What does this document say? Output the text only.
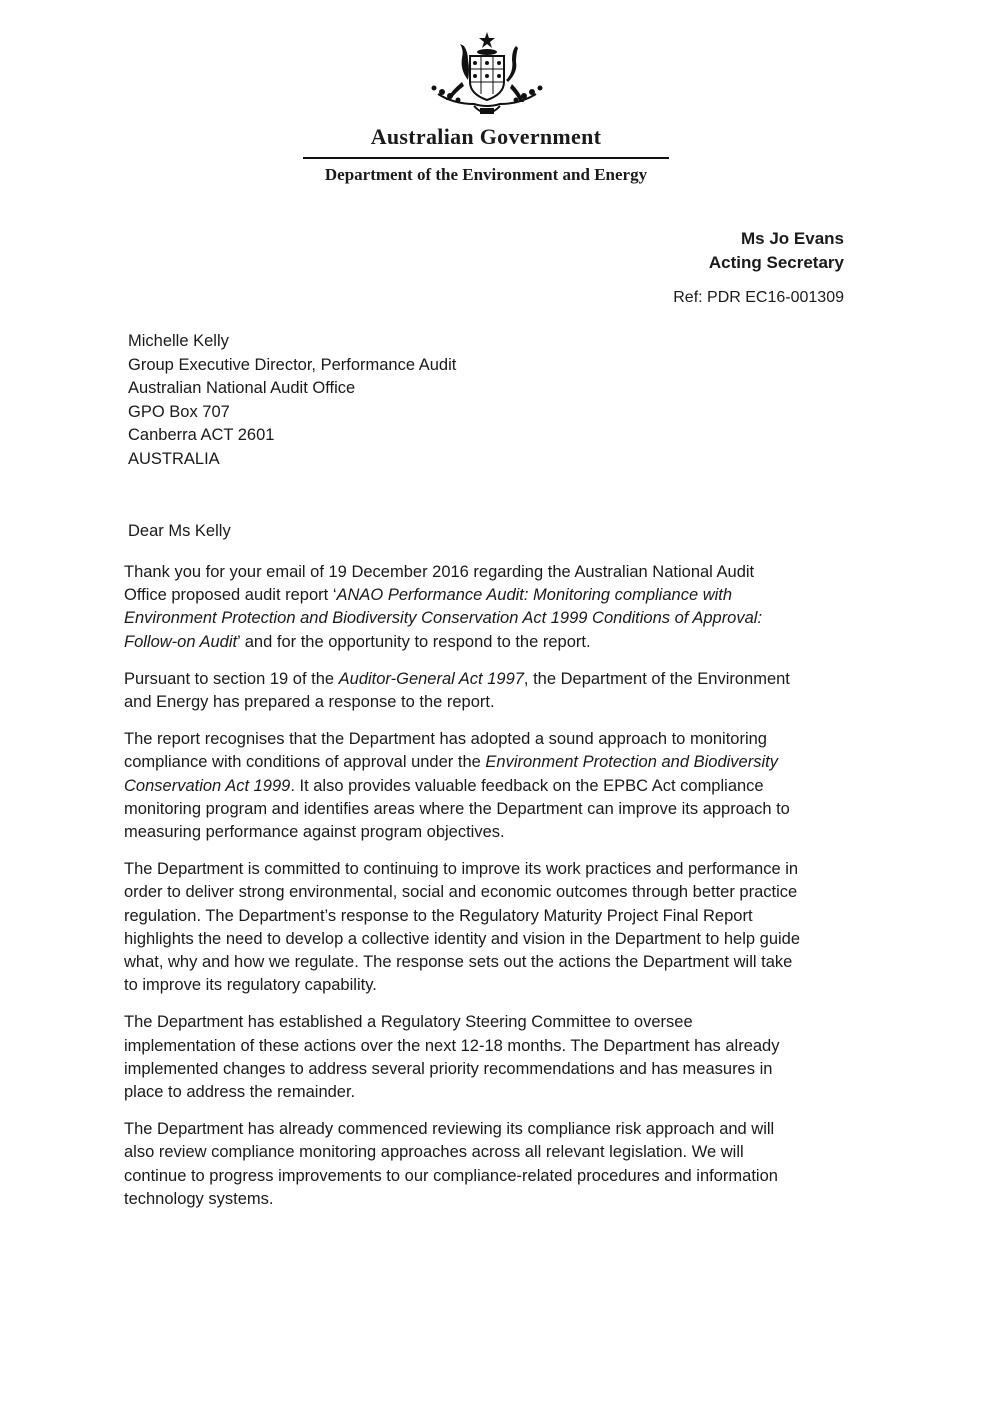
Australian Government
Department of the Environment and Energy
Ms Jo Evans
Acting Secretary
Ref: PDR EC16-001309
Michelle Kelly
Group Executive Director, Performance Audit
Australian National Audit Office
GPO Box 707
Canberra ACT 2601
AUSTRALIA
Dear Ms Kelly

Thank you for your email of 19 December 2016 regarding the Australian National Audit
Office proposed audit report ‘ANAO Performance Audit: Monitoring compliance with
Environment Protection and Biodiversity Conservation Act 1999 Conditions of Approval:
Follow-on Audit’ and for the opportunity to respond to the report.

Pursuant to section 19 of the Auditor-General Act 1997, the Department of the Environment
and Energy has prepared a response to the report.

The report recognises that the Department has adopted a sound approach to monitoring
compliance with conditions of approval under the Environment Protection and Biodiversity
Conservation Act 1999. It also provides valuable feedback on the EPBC Act compliance
monitoring program and identifies areas where the Department can improve its approach to
measuring performance against program objectives.

The Department is committed to continuing to improve its work practices and performance in
order to deliver strong environmental, social and economic outcomes through better practice
regulation. The Department’s response to the Regulatory Maturity Project Final Report
highlights the need to develop a collective identity and vision in the Department to help guide
what, why and how we regulate. The response sets out the actions the Department will take
to improve its regulatory capability.

The Department has established a Regulatory Steering Committee to oversee
implementation of these actions over the next 12-18 months. The Department has already
implemented changes to address several priority recommendations and has measures in
place to address the remainder.

The Department has already commenced reviewing its compliance risk approach and will
also review compliance monitoring approaches across all relevant legislation. We will
continue to progress improvements to our compliance-related procedures and information
technology systems.
